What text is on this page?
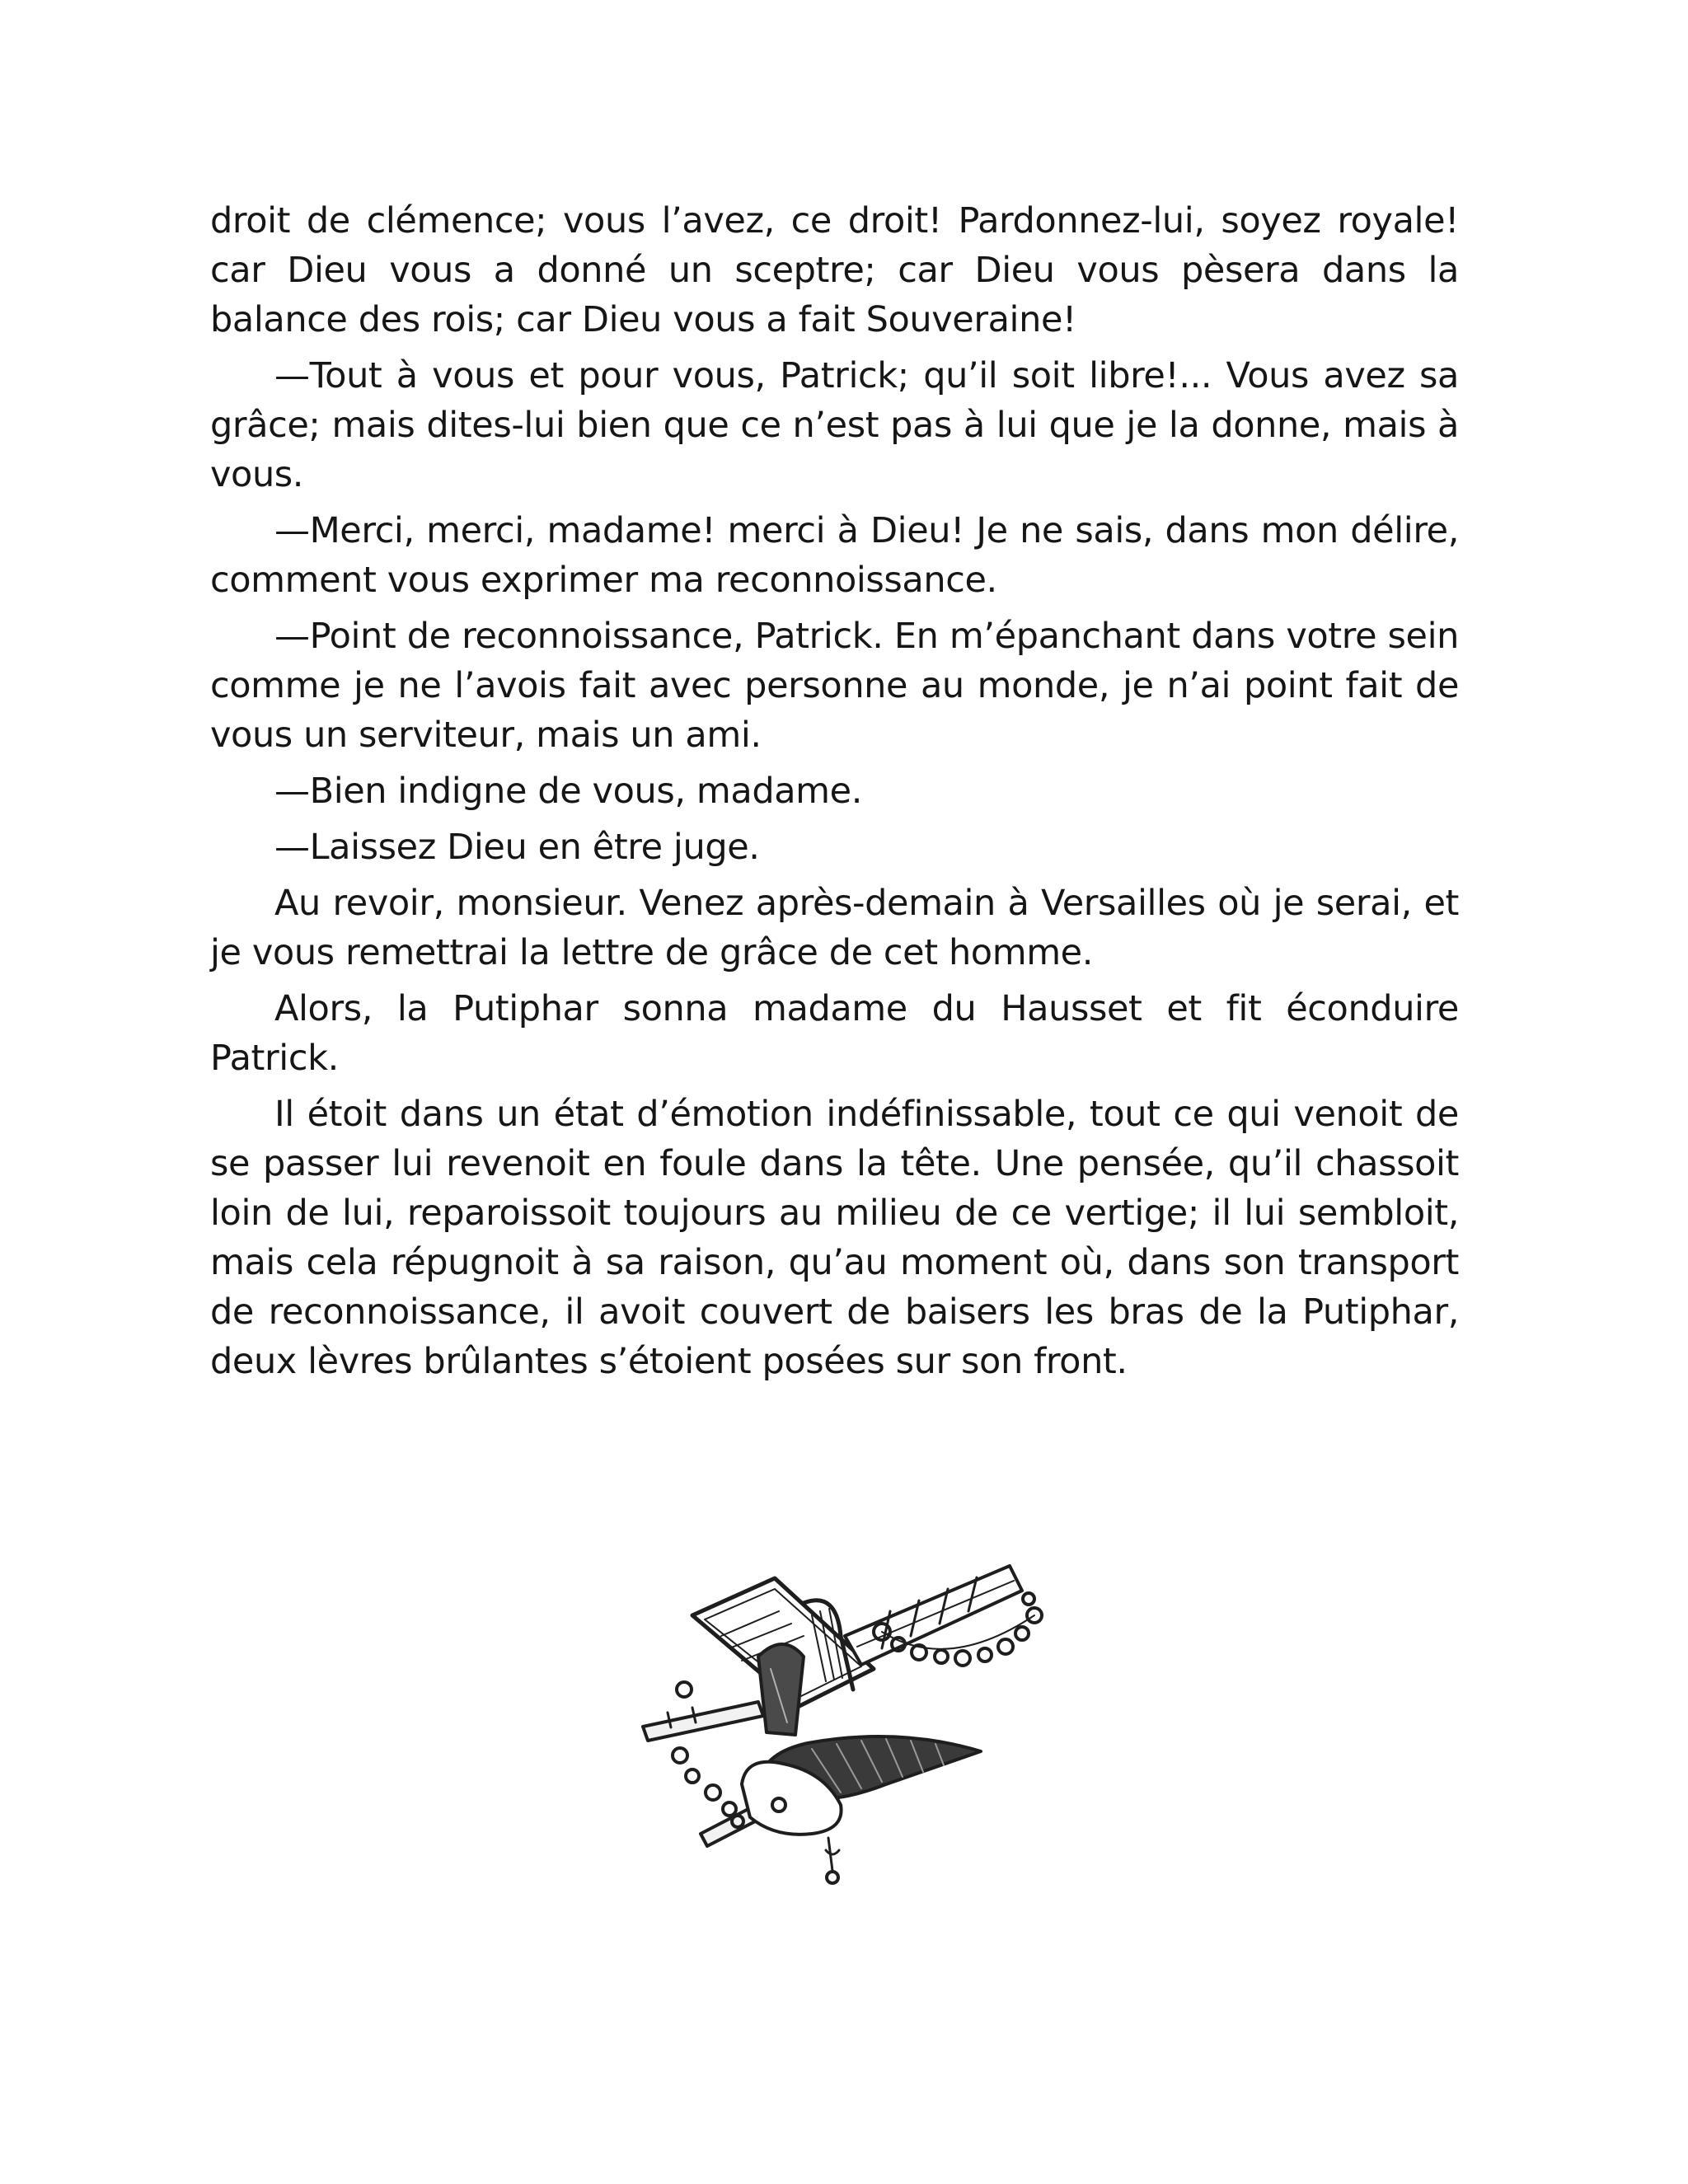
droit de clémence; vous l’avez, ce droit! Pardonnez-lui, soyez royale! car Dieu vous a donné un sceptre; car Dieu vous pèsera dans la balance des rois; car Dieu vous a fait Souveraine!

—Tout à vous et pour vous, Patrick; qu’il soit libre!... Vous avez sa grâce; mais dites-lui bien que ce n’est pas à lui que je la donne, mais à vous.

—Merci, merci, madame! merci à Dieu! Je ne sais, dans mon délire, comment vous exprimer ma reconnoissance.

—Point de reconnoissance, Patrick. En m’épanchant dans votre sein comme je ne l’avois fait avec personne au monde, je n’ai point fait de vous un serviteur, mais un ami.

—Bien indigne de vous, madame.

—Laissez Dieu en être juge.

Au revoir, monsieur. Venez après-demain à Versailles où je serai, et je vous remettrai la lettre de grâce de cet homme.

Alors, la Putiphar sonna madame du Hausset et fit éconduire Patrick.

Il étoit dans un état d’émotion indéfinissable, tout ce qui venoit de se passer lui revenoit en foule dans la tête. Une pensée, qu’il chassoit loin de lui, reparoissoit toujours au milieu de ce vertige; il lui sembloit, mais cela répugnoit à sa raison, qu’au moment où, dans son transport de reconnoissance, il avoit couvert de baisers les bras de la Putiphar, deux lèvres brûlantes s’étoient posées sur son front.
